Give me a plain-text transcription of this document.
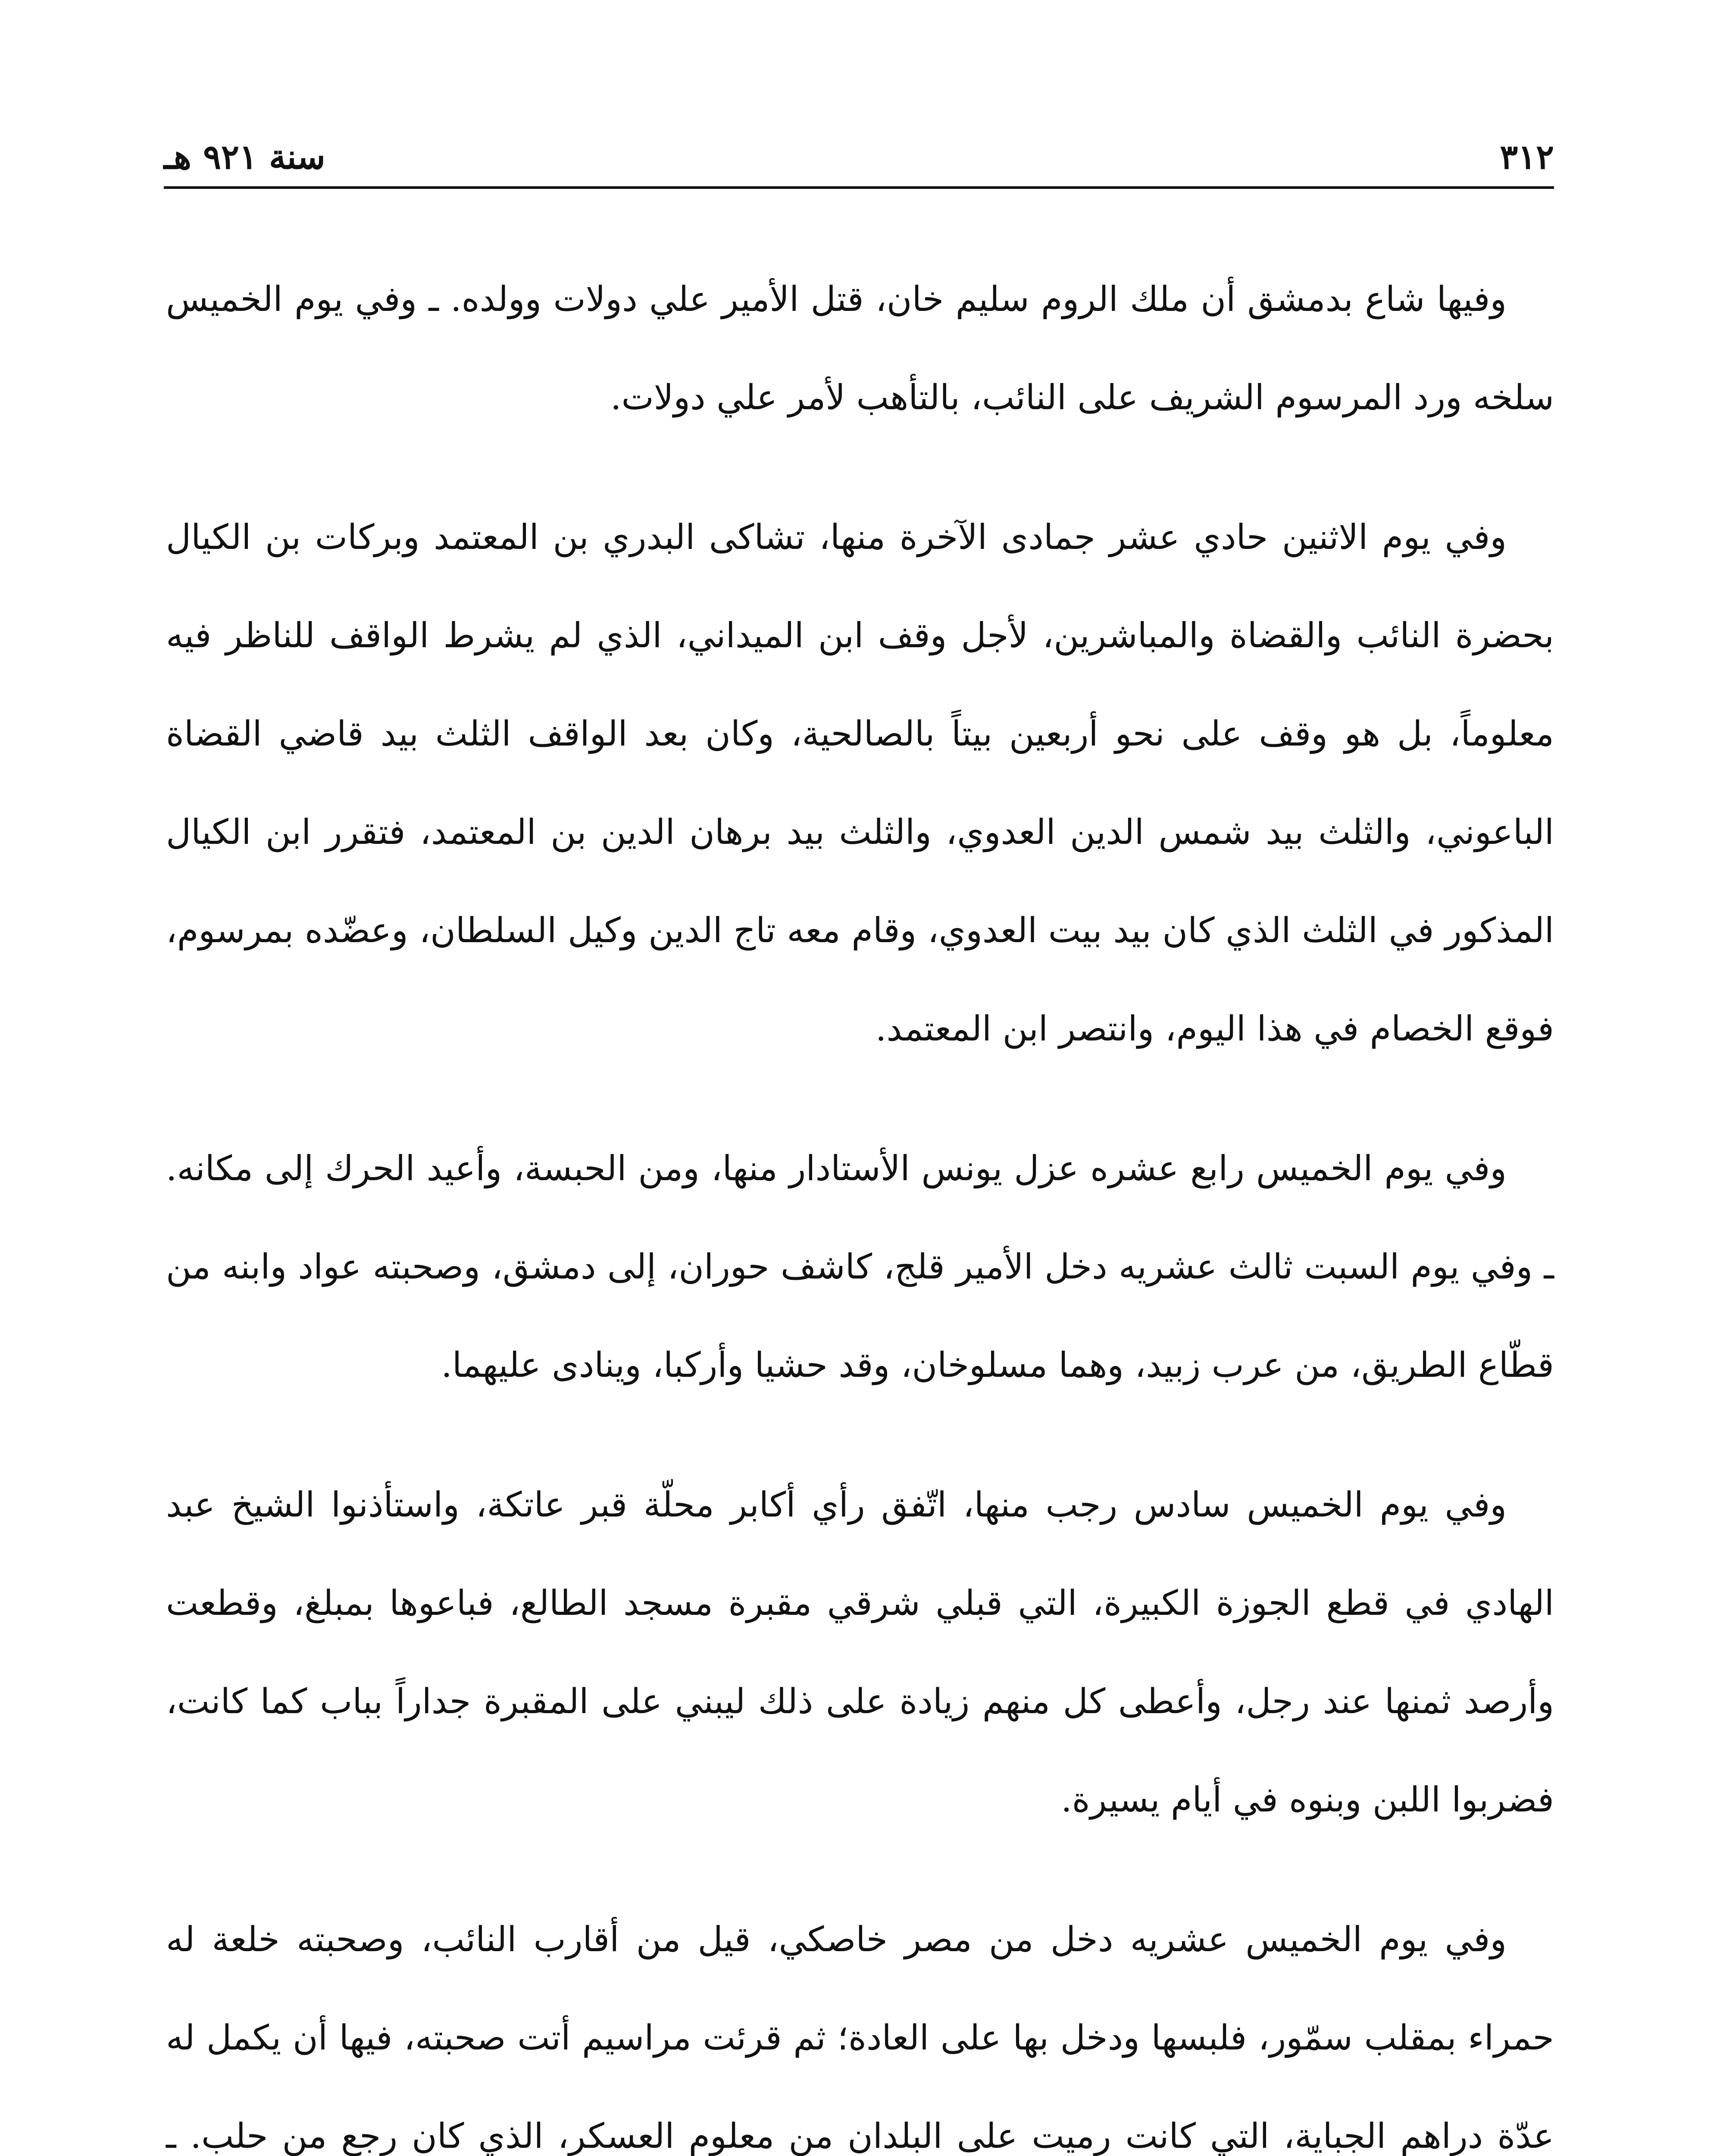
٣١٢
سنة ٩٢١ هـ

وفيها شاع بدمشق أن ملك الروم سليم خان، قتل الأمير علي دولات وولده. ـ وفي يوم الخميس سلخه ورد المرسوم الشريف على النائب، بالتأهب لأمر علي دولات.

وفي يوم الاثنين حادي عشر جمادى الآخرة منها، تشاكى البدري بن المعتمد وبركات بن الكيال بحضرة النائب والقضاة والمباشرين، لأجل وقف ابن الميداني، الذي لم يشرط الواقف للناظر فيه معلوماً، بل هو وقف على نحو أربعين بيتاً بالصالحية، وكان بعد الواقف الثلث بيد قاضي القضاة الباعوني، والثلث بيد شمس الدين العدوي، والثلث بيد برهان الدين بن المعتمد، فتقرر ابن الكيال المذكور في الثلث الذي كان بيد بيت العدوي، وقام معه تاج الدين وكيل السلطان، وعضّده بمرسوم، فوقع الخصام في هذا اليوم، وانتصر ابن المعتمد.

وفي يوم الخميس رابع عشره عزل يونس الأستادار منها، ومن الحبسة، وأعيد الحرك إلى مكانه. ـ وفي يوم السبت ثالث عشريه دخل الأمير قلج، كاشف حوران، إلى دمشق، وصحبته عواد وابنه من قطّاع الطريق، من عرب زبيد، وهما مسلوخان، وقد حشيا وأركبا، وينادى عليهما.

وفي يوم الخميس سادس رجب منها، اتّفق رأي أكابر محلّة قبر عاتكة، واستأذنوا الشيخ عبد الهادي في قطع الجوزة الكبيرة، التي قبلي شرقي مقبرة مسجد الطالع، فباعوها بمبلغ، وقطعت وأرصد ثمنها عند رجل، وأعطى كل منهم زيادة على ذلك ليبني على المقبرة جداراً بباب كما كانت، فضربوا اللبن وبنوه في أيام يسيرة.

وفي يوم الخميس عشريه دخل من مصر خاصكي، قيل من أقارب النائب، وصحبته خلعة له حمراء بمقلب سمّور، فلبسها ودخل بها على العادة؛ ثم قرئت مراسيم أتت صحبته، فيها أن يكمل له عدّة دراهم الجباية، التي كانت رميت على البلدان من معلوم العسكر، الذي كان رجع من حلب. ـ
